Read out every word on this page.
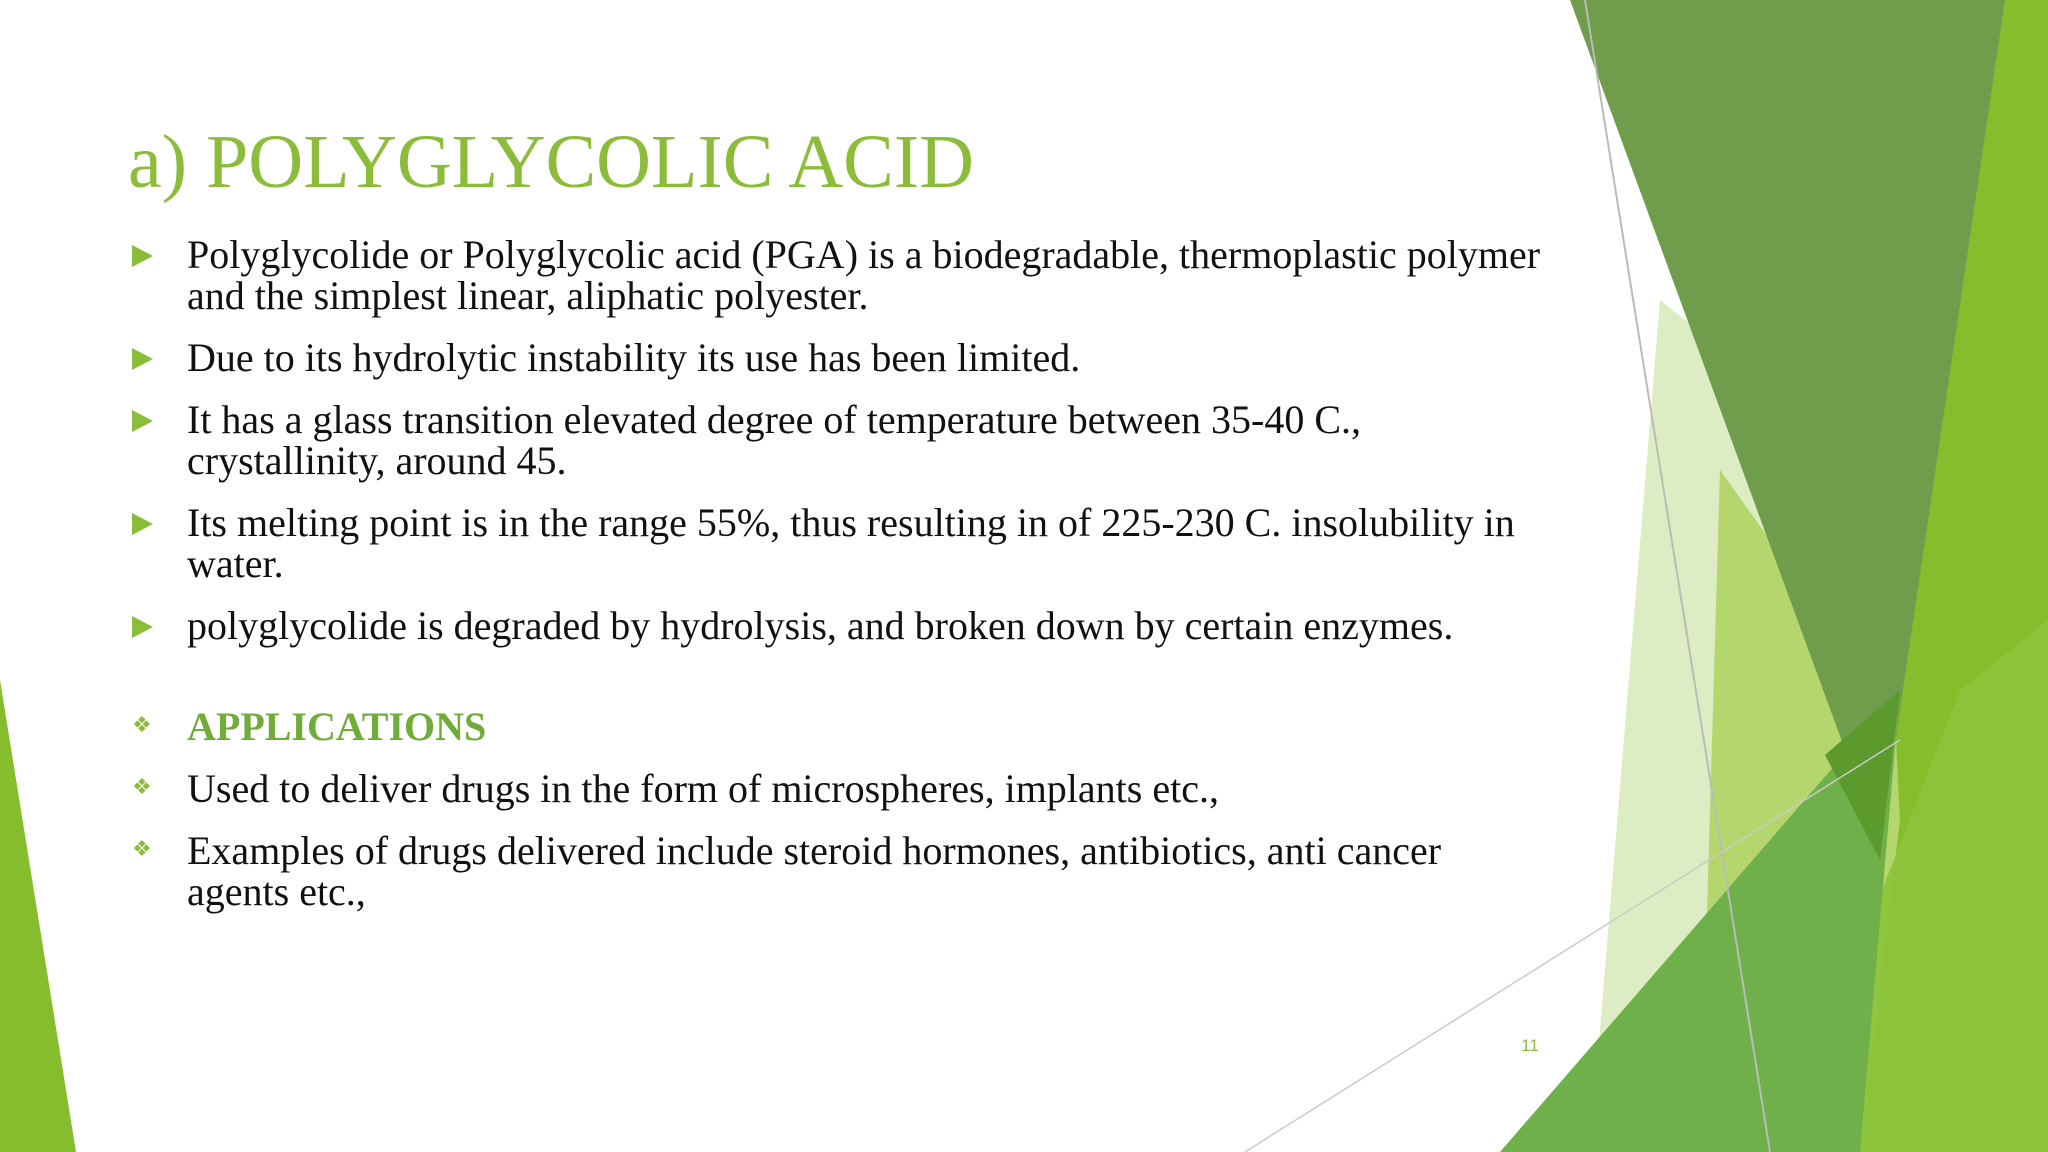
a) POLYGLYCOLIC ACID
Polyglycolide or Polyglycolic acid (PGA) is a biodegradable, thermoplastic polymer and the simplest linear, aliphatic polyester.
Due to its hydrolytic instability its use has been limited.
It has a glass transition elevated degree of temperature between 35-40 C., crystallinity, around 45.
Its melting point is in the range 55%, thus resulting in of 225-230 C. insolubility in water.
polyglycolide is degraded by hydrolysis, and broken down by certain enzymes.
❖ APPLICATIONS
❖ Used to deliver drugs in the form of microspheres, implants etc.,
❖ Examples of drugs delivered include steroid hormones, antibiotics, anti cancer agents etc.,
11
